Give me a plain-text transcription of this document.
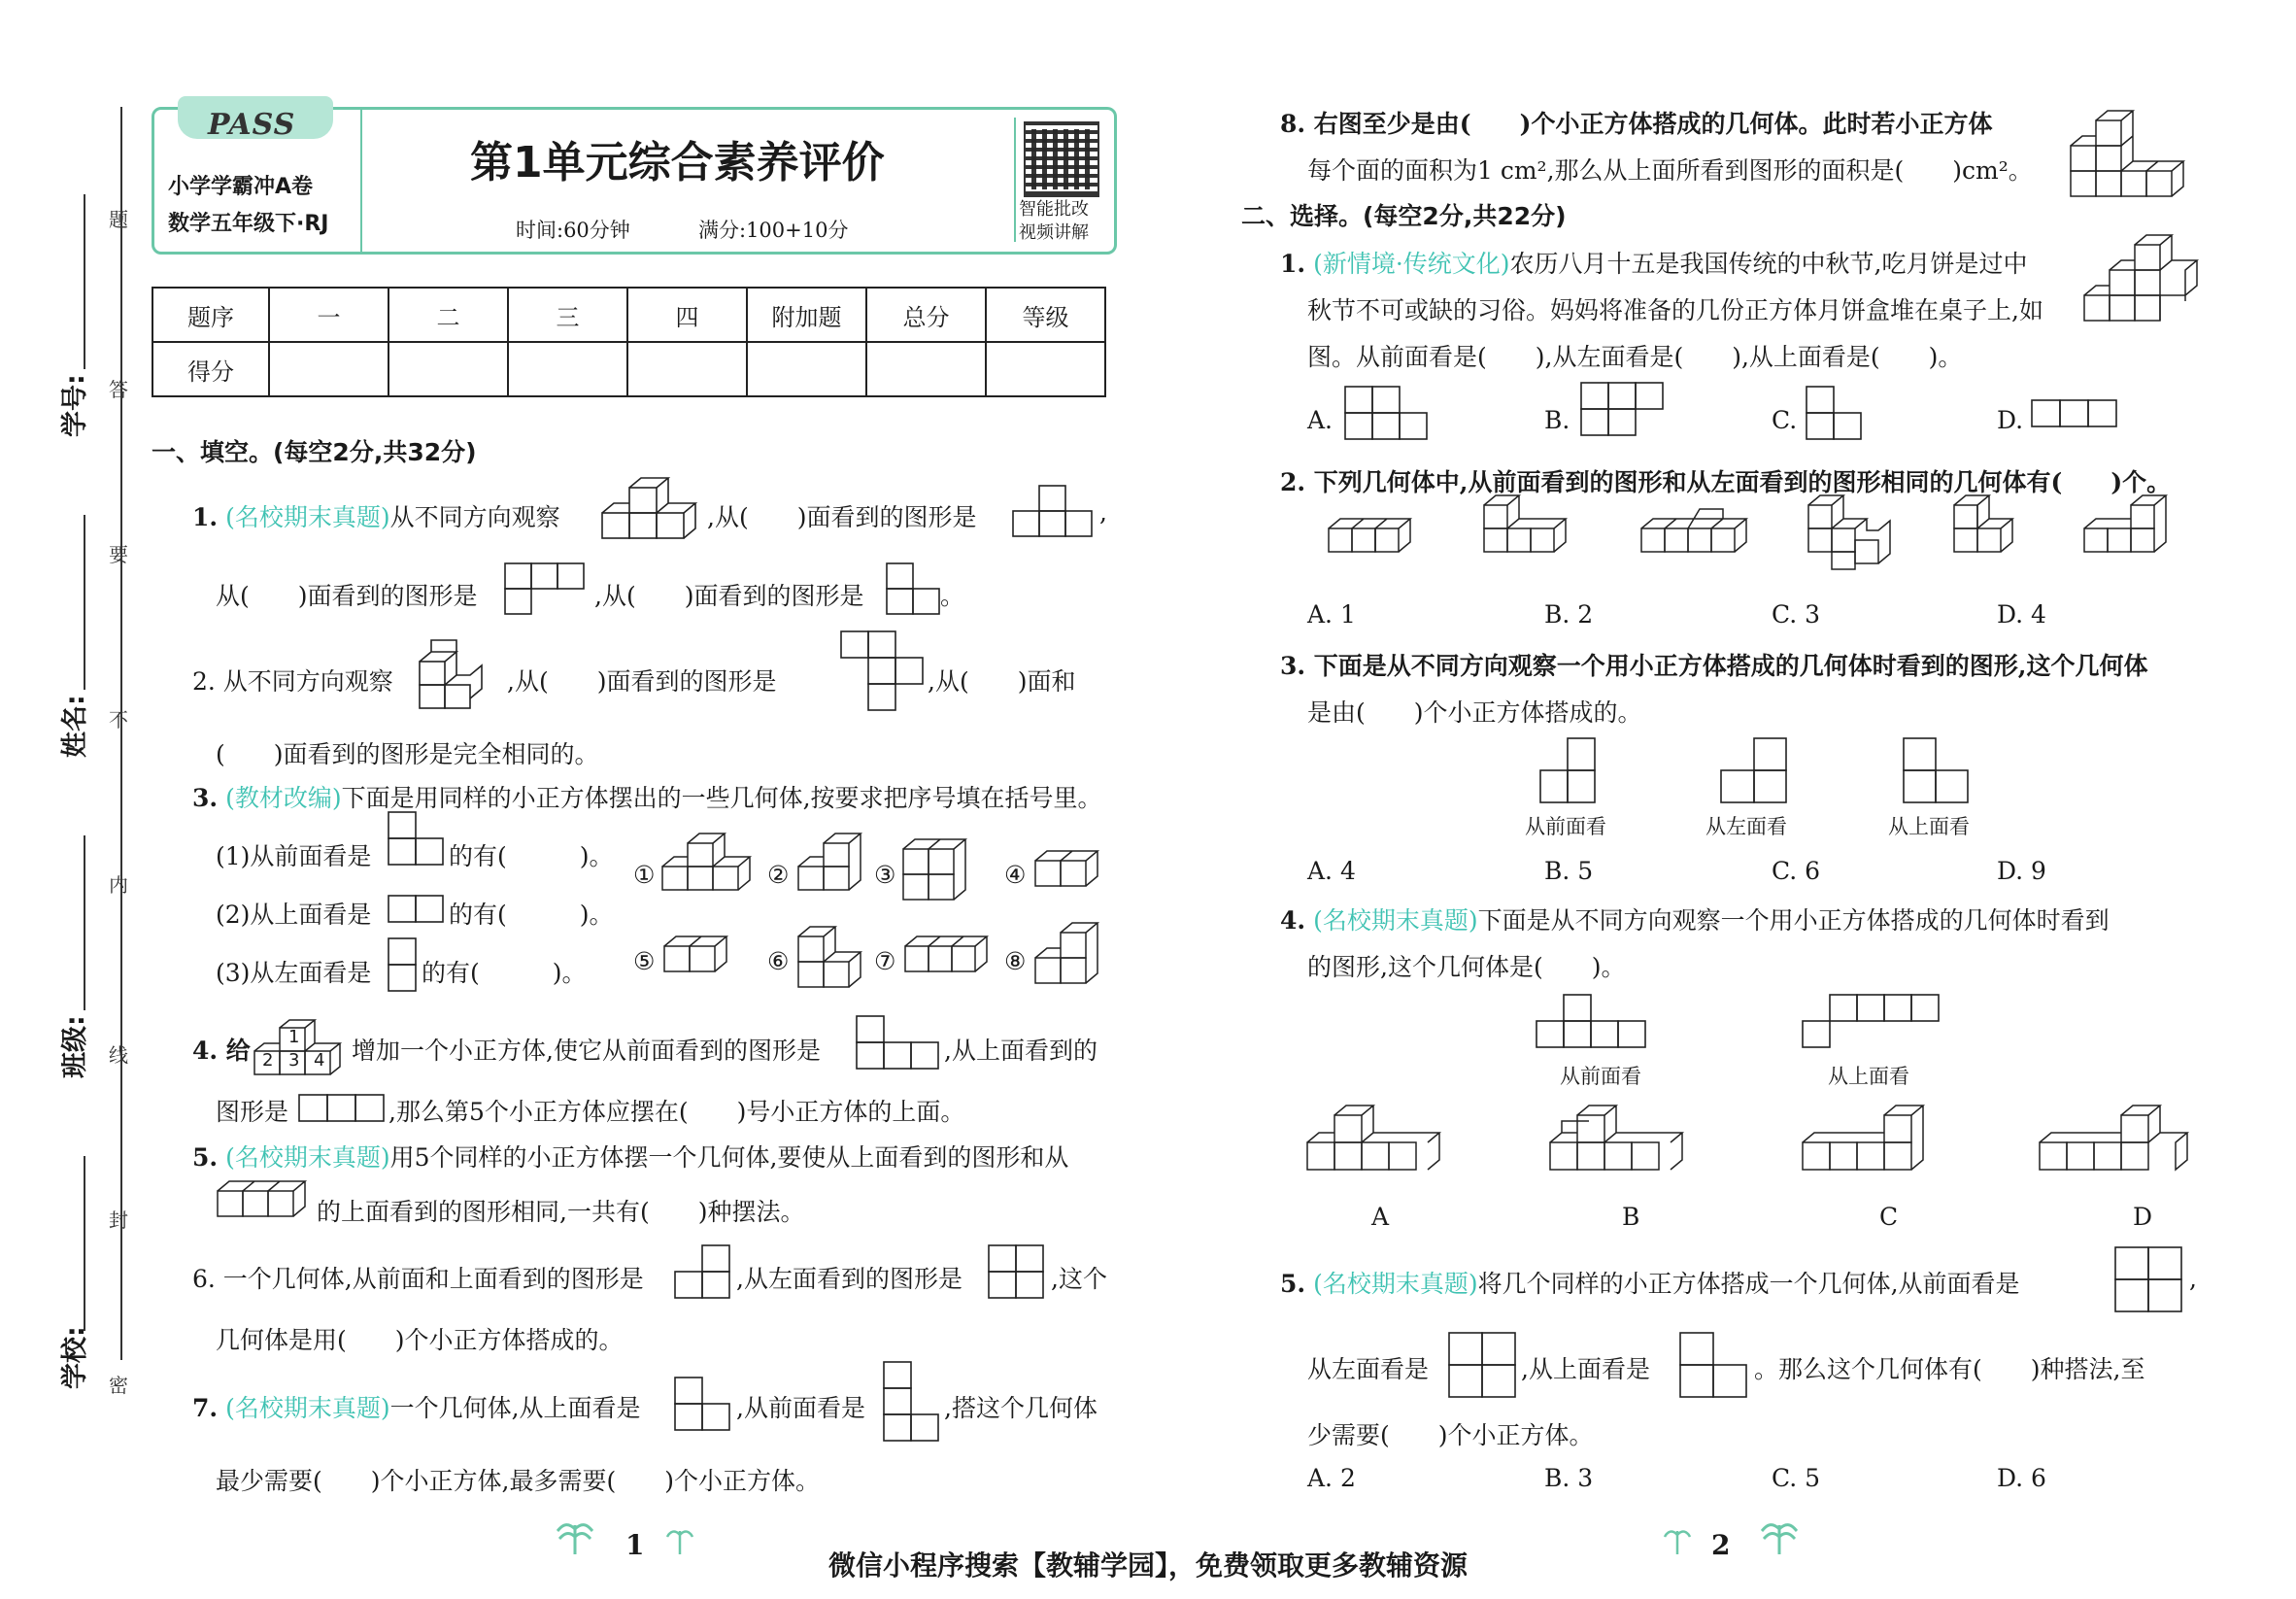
题
答
要
不
内
线
封
密
学号:
姓名:
班级:
学校:
PASS
小学学霸冲A卷
数学五年级下·RJ
第1单元综合素养评价
时间:60分钟	满分:100+10分
智能批改
视频讲解
题序	一	二	三	四	附加题	总分	等级
得分							
一、填空。(每空2分,共32分)
1. (名校期末真题)从不同方向观察	,从(　　)面看到的图形是	,
从(　　)面看到的图形是	,从(　　)面看到的图形是	。
2. 从不同方向观察	,从(　　)面看到的图形是	,从(　　)面和
(　　)面看到的图形是完全相同的。
3. (教材改编)下面是用同样的小正方体摆出的一些几何体,按要求把序号填在括号里。
(1)从前面看是	的有(　　　)。
(2)从上面看是	的有(　　　)。
(3)从左面看是 的有(　　　)。
①	②	③	④
⑤	⑥	⑦	⑧
4. 给 1
2 3 4 增加一个小正方体,使它从前面看到的图形是	,从上面看到的
图形是	,那么第5个小正方体应摆在(　　)号小正方体的上面。
5. (名校期末真题)用5个同样的小正方体摆一个几何体,要使从上面看到的图形和从
的上面看到的图形相同,一共有(　　)种摆法。
6. 一个几何体,从前面和上面看到的图形是	,从左面看到的图形是	,这个
几何体是用(　　)个小正方体搭成的。
7. (名校期末真题)一个几何体,从上面看是	,从前面看是	,搭这个几何体
最少需要(　　)个小正方体,最多需要(　　)个小正方体。
1
8. 右图至少是由(　　)个小正方体搭成的几何体。此时若小正方体
每个面的面积为1 cm²,那么从上面所看到图形的面积是(　　)cm²。
二、选择。(每空2分,共22分)
1. (新情境·传统文化)农历八月十五是我国传统的中秋节,吃月饼是过中
秋节不可或缺的习俗。妈妈将准备的几份正方体月饼盒堆在桌子上,如
图。从前面看是(　　),从左面看是(　　),从上面看是(　　)。
A.	B.	C.	D.
2. 下列几何体中,从前面看到的图形和从左面看到的图形相同的几何体有(　　)个。
A. 1	B. 2	C. 3	D. 4
3. 下面是从不同方向观察一个用小正方体搭成的几何体时看到的图形,这个几何体
是由(　　)个小正方体搭成的。
从前面看	从左面看	从上面看
A. 4	B. 5	C. 6	D. 9
4. (名校期末真题)下面是从不同方向观察一个用小正方体搭成的几何体时看到
的图形,这个几何体是(　　)。
从前面看	从上面看
A	B	C	D
5. (名校期末真题)将几个同样的小正方体搭成一个几何体,从前面看是	,
从左面看是	,从上面看是	。那么这个几何体有(　　)种搭法,至
少需要(　　)个小正方体。
A. 2	B. 3	C. 5	D. 6
2
微信小程序搜索【教辅学园】，免费领取更多教辅资源
